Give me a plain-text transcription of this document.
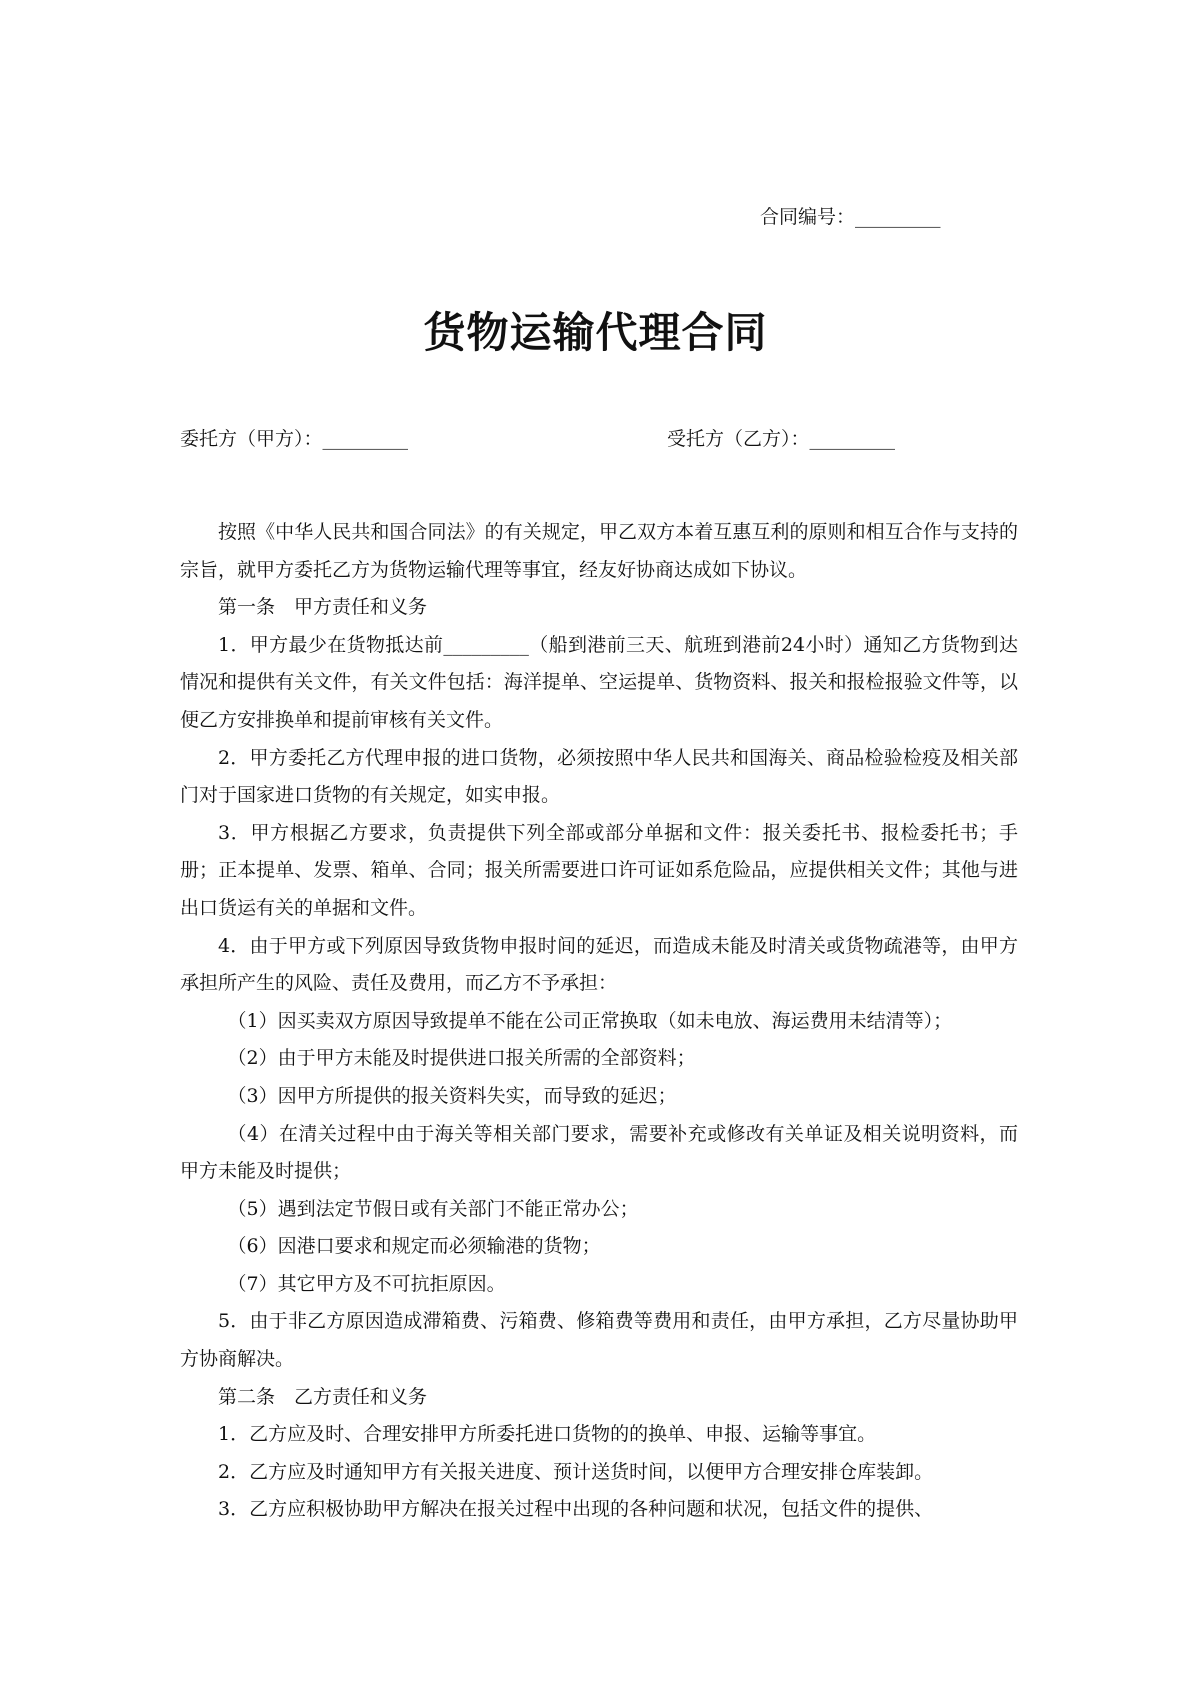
合同编号：_________
货物运输代理合同
委托方（甲方）：_________	受托方（乙方）：_________

按照《中华人民共和国合同法》的有关规定，甲乙双方本着互惠互利的原则和相互合作与支持的宗旨，就甲方委托乙方为货物运输代理等事宜，经友好协商达成如下协议。

第一条　甲方责任和义务

1．甲方最少在货物抵达前_________（船到港前三天、航班到港前24小时）通知乙方货物到达情况和提供有关文件，有关文件包括：海洋提单、空运提单、货物资料、报关和报检报验文件等，以便乙方安排换单和提前审核有关文件。

2．甲方委托乙方代理申报的进口货物，必须按照中华人民共和国海关、商品检验检疫及相关部门对于国家进口货物的有关规定，如实申报。

3．甲方根据乙方要求，负责提供下列全部或部分单据和文件：报关委托书、报检委托书；手册；正本提单、发票、箱单、合同；报关所需要进口许可证如系危险品，应提供相关文件；其他与进出口货运有关的单据和文件。

4．由于甲方或下列原因导致货物申报时间的延迟，而造成未能及时清关或货物疏港等，由甲方承担所产生的风险、责任及费用，而乙方不予承担：

（1）因买卖双方原因导致提单不能在公司正常换取（如未电放、海运费用未结清等）；

（2）由于甲方未能及时提供进口报关所需的全部资料；

（3）因甲方所提供的报关资料失实，而导致的延迟；

（4）在清关过程中由于海关等相关部门要求，需要补充或修改有关单证及相关说明资料，而甲方未能及时提供；

（5）遇到法定节假日或有关部门不能正常办公；

（6）因港口要求和规定而必须输港的货物；

（7）其它甲方及不可抗拒原因。

5．由于非乙方原因造成滞箱费、污箱费、修箱费等费用和责任，由甲方承担，乙方尽量协助甲方协商解决。

第二条　乙方责任和义务

1．乙方应及时、合理安排甲方所委托进口货物的的换单、申报、运输等事宜。

2．乙方应及时通知甲方有关报关进度、预计送货时间，以便甲方合理安排仓库装卸。

3．乙方应积极协助甲方解决在报关过程中出现的各种问题和状况，包括文件的提供、
